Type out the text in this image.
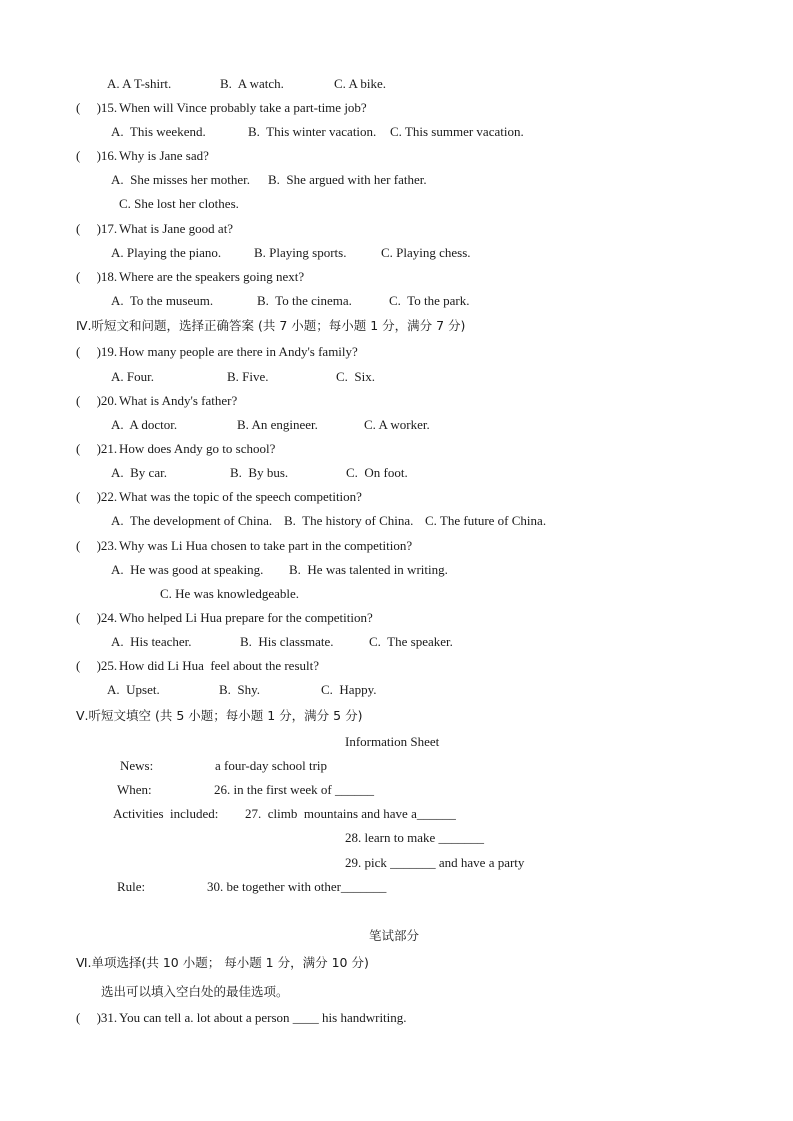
A. A T-shirt.	B.  A watch.	C. A bike.
(     )15. When will Vince probably take a part-time job?
A.  This weekend.	B.  This winter vacation. C. This summer vacation.
(     )16. Why is Jane sad?
A.  She misses her mother. B.  She argued with her father.
C. She lost her clothes.
(     )17. What is Jane good at?
A. Playing the piano.	B. Playing sports.	C. Playing chess.
(     )18. Where are the speakers going next?
A.  To the museum.	B.  To the cinema.	C.  To the park.
Ⅳ.听短文和问题，选择正确答案 (共 7 小题；每小题 1 分，满分 7 分)
(     )19. How many people are there in Andy's family?
A. Four.	B. Five.	C.  Six.
(     )20. What is Andy's father?
A.  A doctor.	B. An engineer.	C. A worker.
(     )21. How does Andy go to school?
A.  By car.	B.  By bus.	C.  On foot.
(     )22. What was the topic of the speech competition?
A.  The development of China. B.  The history of China. C. The future of China.
(     )23. Why was Li Hua chosen to take part in the competition?
A.  He was good at speaking. B.  He was talented in writing.
C. He was knowledgeable.
(     )24. Who helped Li Hua prepare for the competition?
A.  His teacher.	B.  His classmate.	C.  The speaker.
(     )25. How did Li Hua  feel about the result?
A.  Upset.	B.  Shy.	C.  Happy.
Ⅴ.听短文填空 (共 5 小题；每小题 1 分，满分 5 分)
Information Sheet
News:	a four-day school trip
When:	26. in the first week of ______
Activities  included: 27.  climb  mountains and have a______
28. learn to make _______
29. pick _______ and have a party
Rule:	30. be together with other_______
笔试部分
Ⅵ.单项选择(共 10 小题； 每小题 1 分，满分 10 分)
选出可以填入空白处的最佳选项。
(     )31. You can tell a. lot about a person ____ his handwriting.
